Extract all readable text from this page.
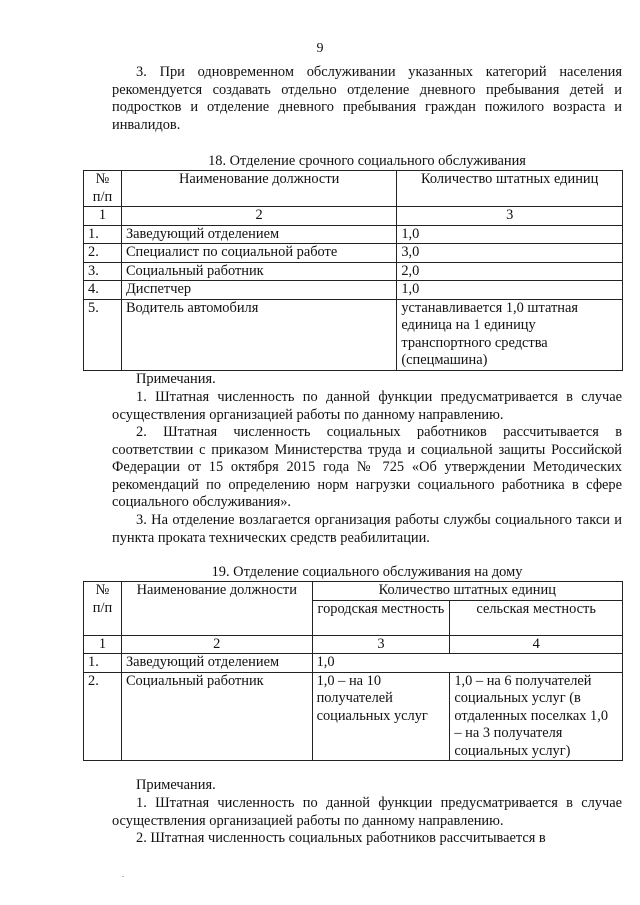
9
3. При одновременном обслуживании указанных категорий населения рекомендуется создавать отдельно отделение дневного пребывания детей и подростков и отделение дневного пребывания граждан пожилого возраста и инвалидов.
18. Отделение срочного социального обслуживания
№ п/п	Наименование должности	Количество штатных единиц
1	2	3
1.	Заведующий отделением	1,0
2.	Специалист по социальной работе	3,0
3.	Социальный работник	2,0
4.	Диспетчер	1,0
5.	Водитель автомобиля	устанавливается 1,0 штатная единица на 1 единицу транспортного средства (спецмашина)
Примечания.
1. Штатная численность по данной функции предусматривается в случае осуществления организацией работы по данному направлению.
2. Штатная численность социальных работников рассчитывается в соответствии с приказом Министерства труда и социальной защиты Российской Федерации от 15 октября 2015 года № 725 «Об утверждении Методических рекомендаций по определению норм нагрузки социального работника в сфере социального обслуживания».
3. На отделение возлагается организация работы службы социального такси и пункта проката технических средств реабилитации.
19. Отделение социального обслуживания на дому
№ п/п	Наименование должности	Количество штатных единиц	
		городская местность	сельская местность
1	2	3	4
1.	Заведующий отделением	1,0	
2.	Социальный работник	1,0 – на 10 получателей социальных услуг	1,0 – на 6 получателей социальных услуг (в отдаленных поселках 1,0 – на 3 получателя социальных услуг)
Примечания.
1. Штатная численность по данной функции предусматривается в случае осуществления организацией работы по данному направлению.
2. Штатная численность социальных работников рассчитывается в
